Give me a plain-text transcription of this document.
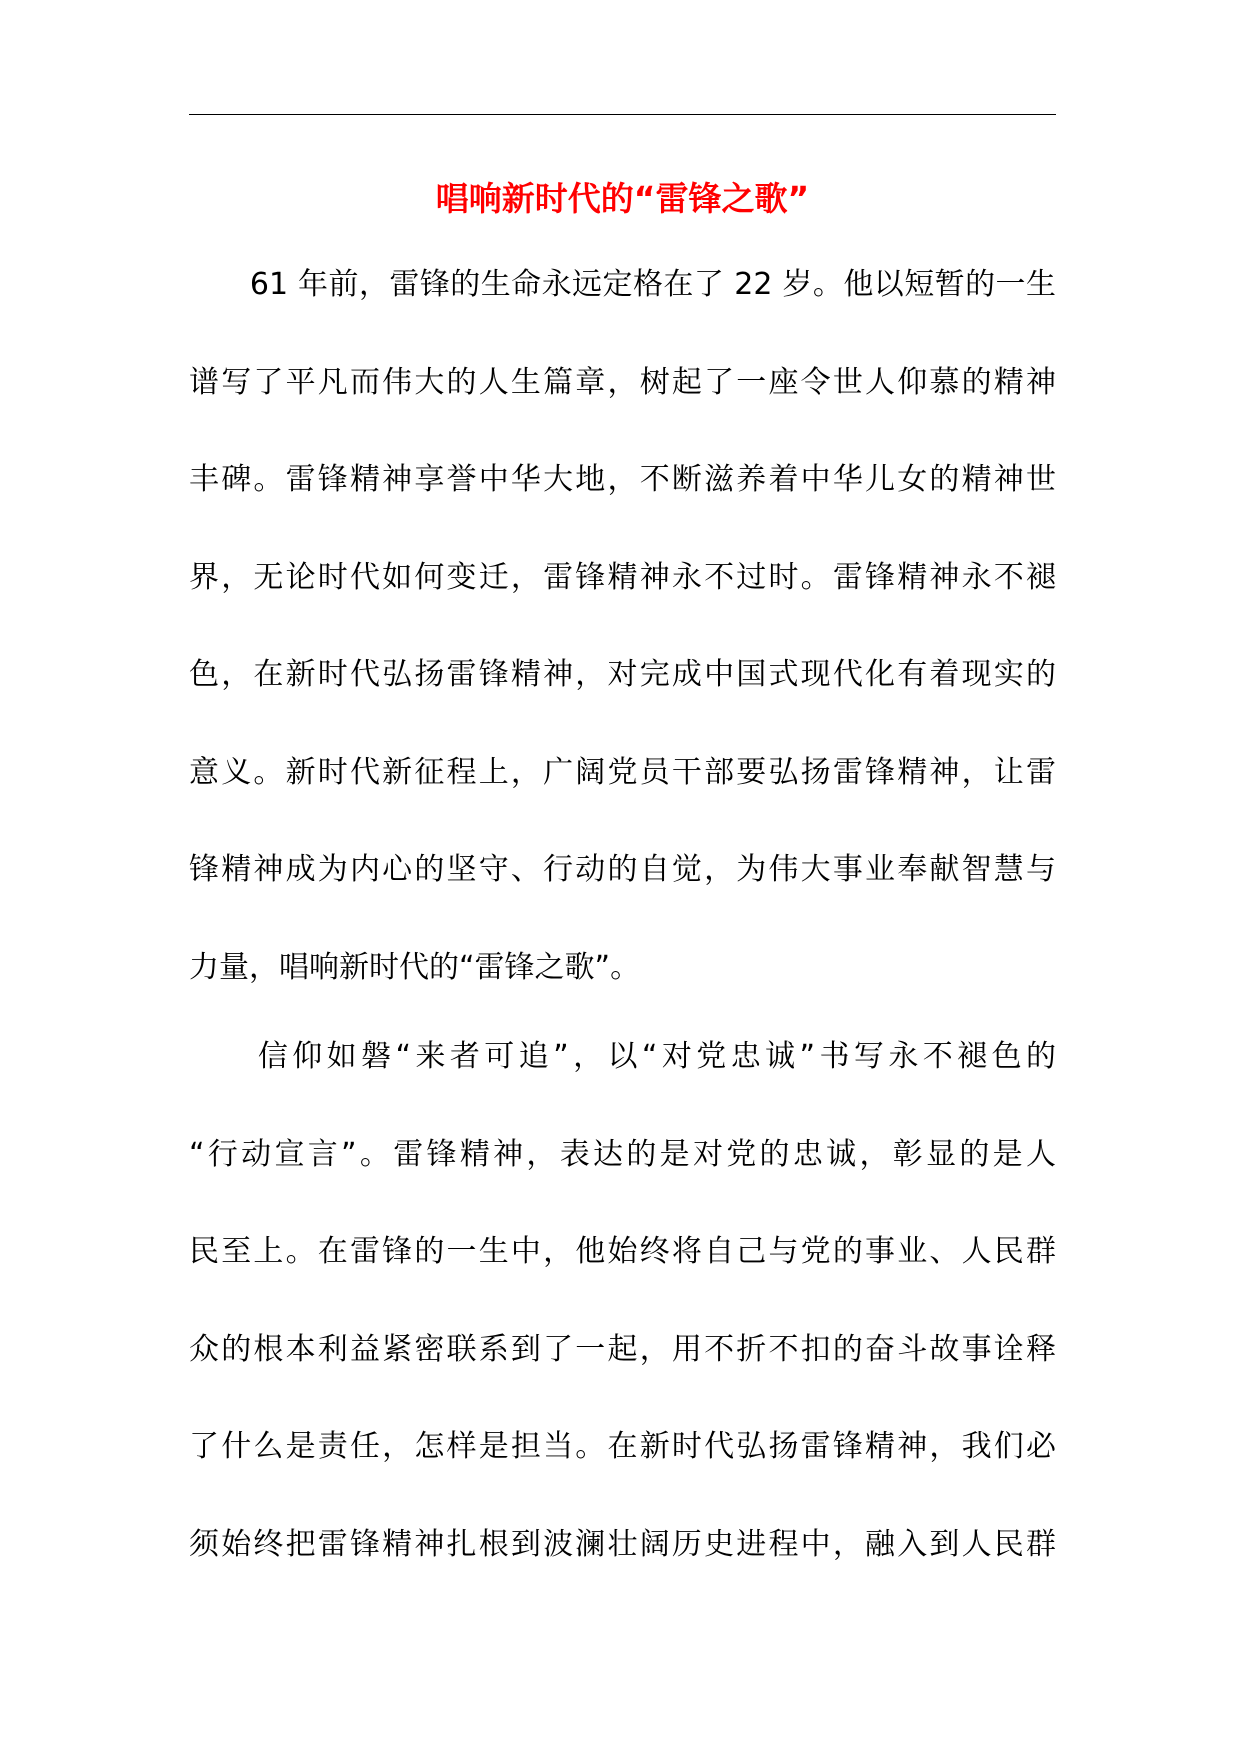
唱响新时代的“雷锋之歌”
　　61 年前，雷锋的生命永远定格在了 22 岁。他以短暂的一生
谱写了平凡而伟大的人生篇章，树起了一座令世人仰慕的精神
丰碑。雷锋精神享誉中华大地，不断滋养着中华儿女的精神世
界，无论时代如何变迁，雷锋精神永不过时。雷锋精神永不褪
色，在新时代弘扬雷锋精神，对完成中国式现代化有着现实的
意义。新时代新征程上，广阔党员干部要弘扬雷锋精神，让雷
锋精神成为内心的坚守、行动的自觉，为伟大事业奉献智慧与
力量，唱响新时代的“雷锋之歌”。
　　信仰如磐“来者可追”，以“对党忠诚”书写永不褪色的
“行动宣言”。雷锋精神，表达的是对党的忠诚，彰显的是人
民至上。在雷锋的一生中，他始终将自己与党的事业、人民群
众的根本利益紧密联系到了一起，用不折不扣的奋斗故事诠释
了什么是责任，怎样是担当。在新时代弘扬雷锋精神，我们必
须始终把雷锋精神扎根到波澜壮阔历史进程中，融入到人民群
